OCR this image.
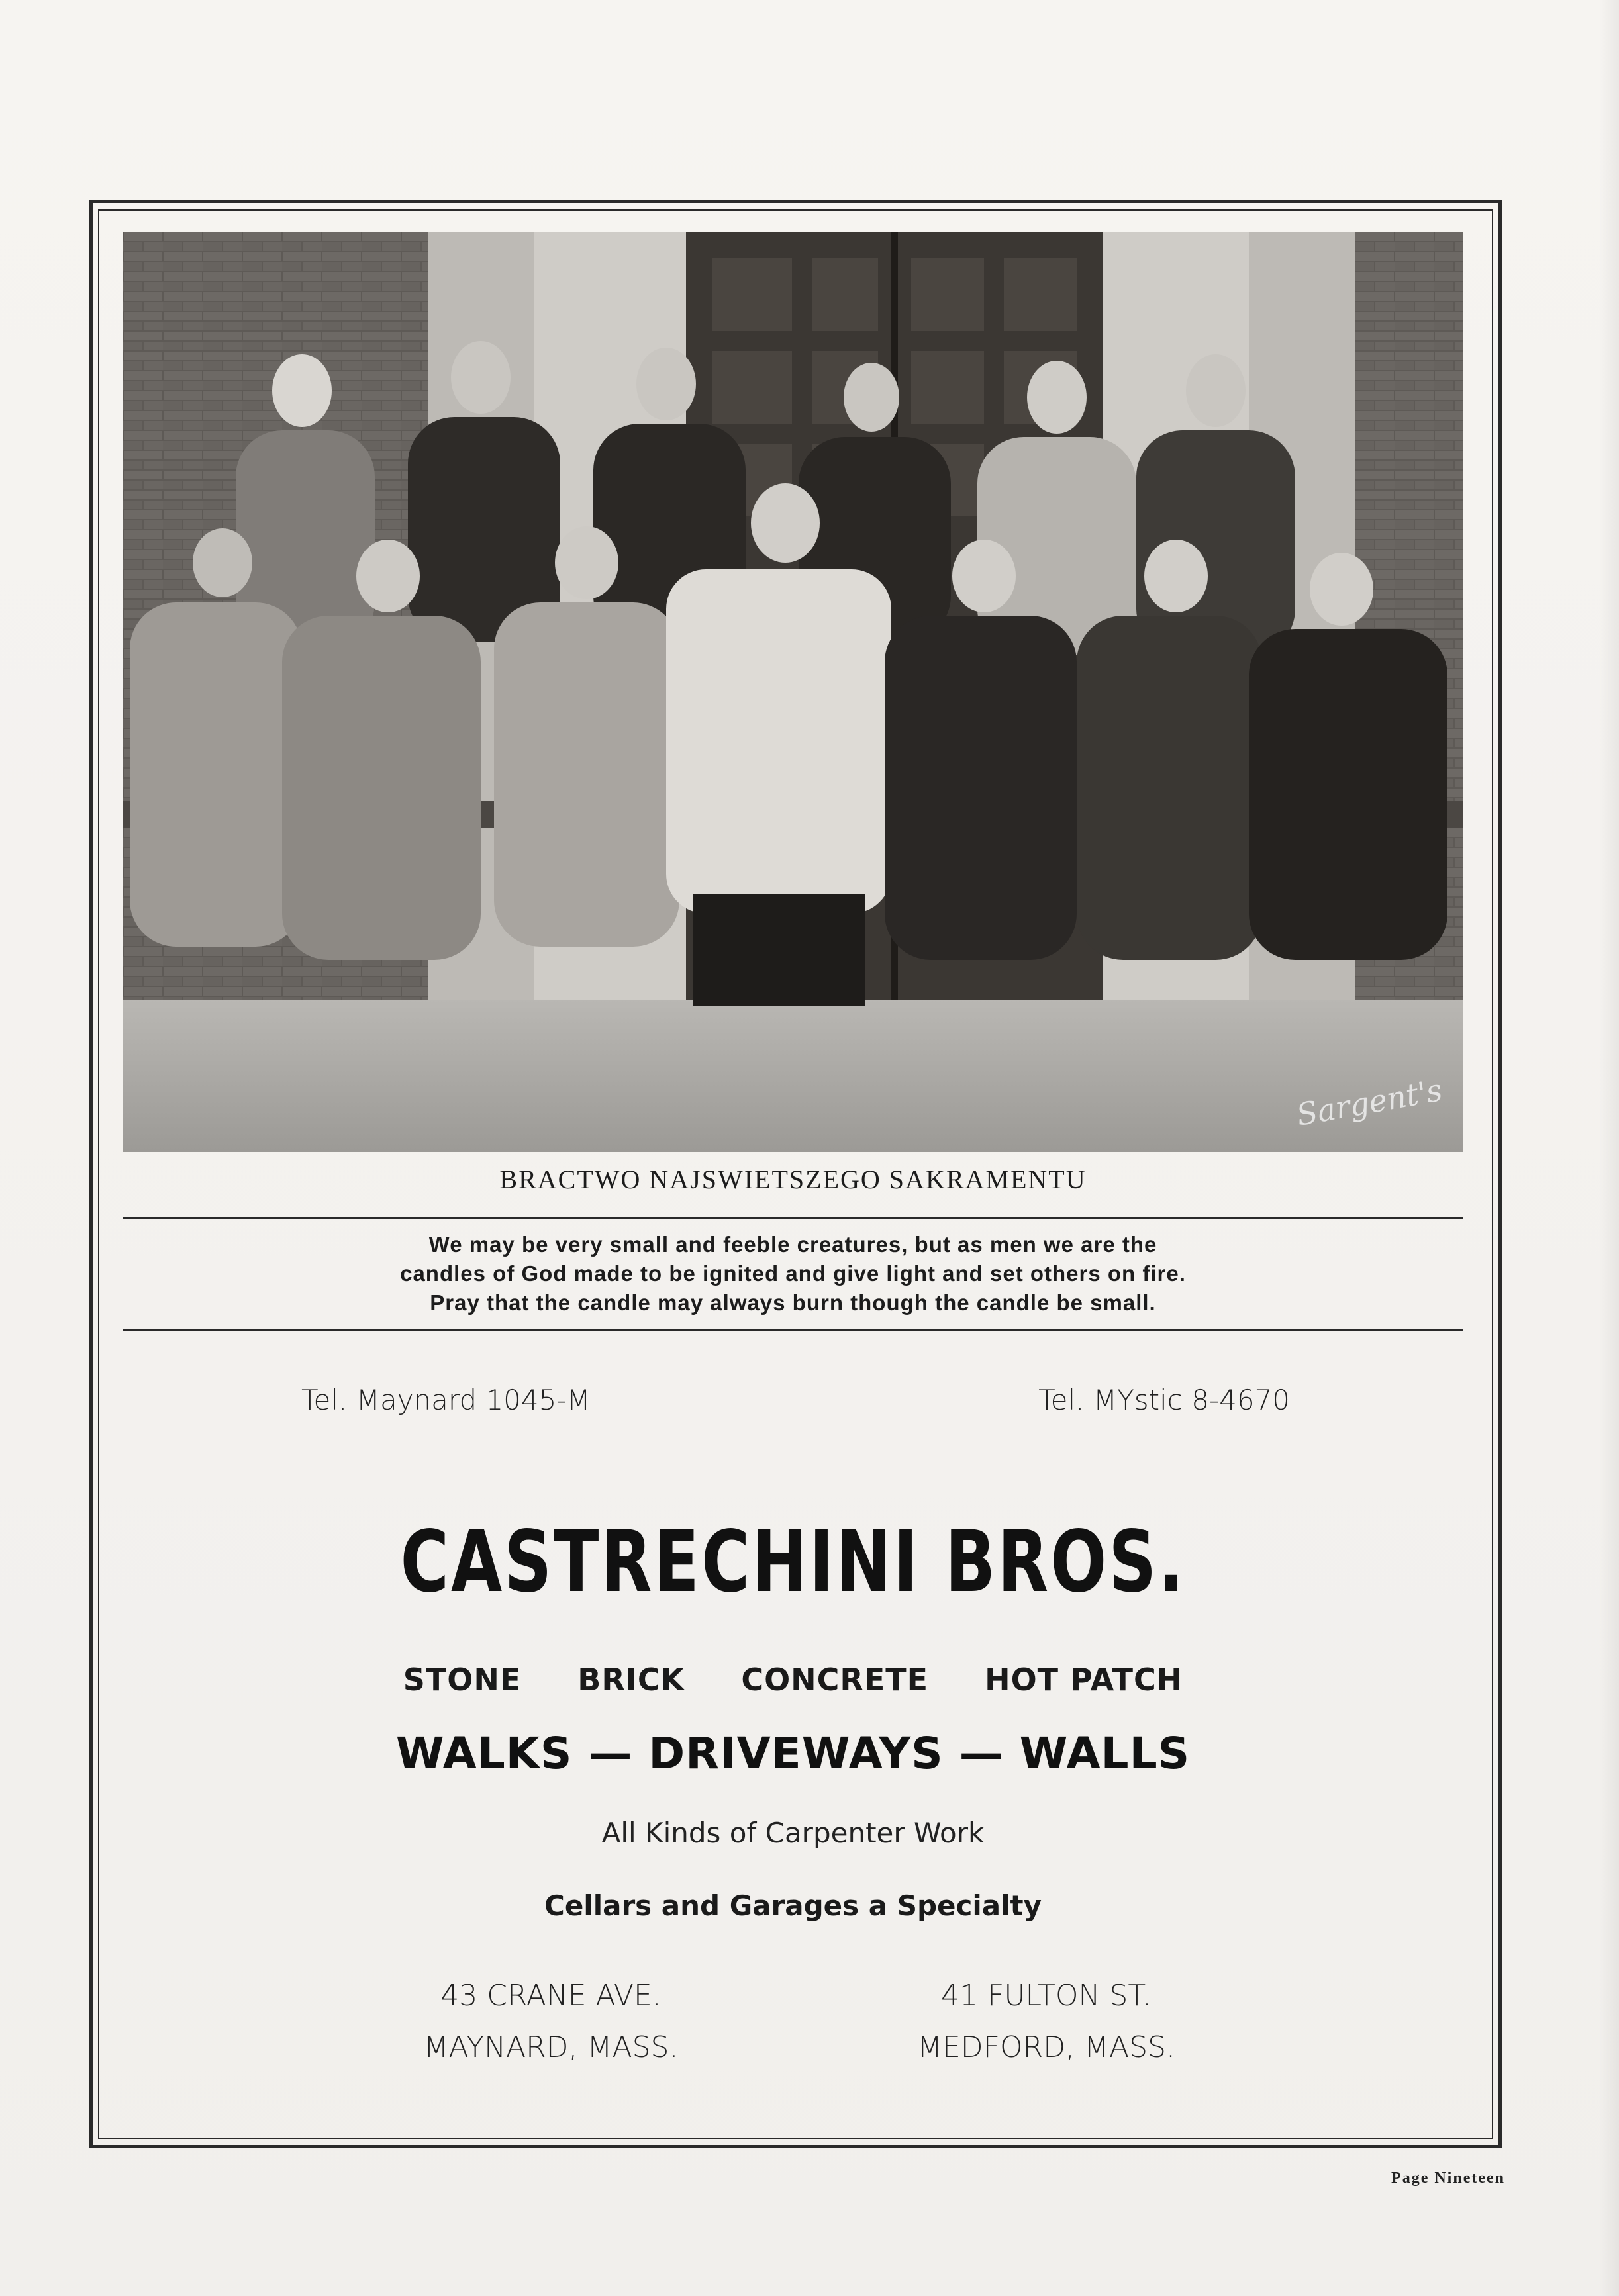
Sargent's
BRACTWO NAJSWIETSZEGO SAKRAMENTU
We may be very small and feeble creatures, but as men we are the
candles of God made to be ignited and give light and set others on fire.
Pray that the candle may always burn though the candle be small.
Tel. Maynard 1045-M	Tel. MYstic 8-4670
CASTRECHINI BROS.
STONE BRICK CONCRETE HOT PATCH
WALKS — DRIVEWAYS — WALLS
All Kinds of Carpenter Work
Cellars and Garages a Specialty
43 CRANE AVE.
MAYNARD, MASS.
41 FULTON ST.
MEDFORD, MASS.
Page Nineteen
